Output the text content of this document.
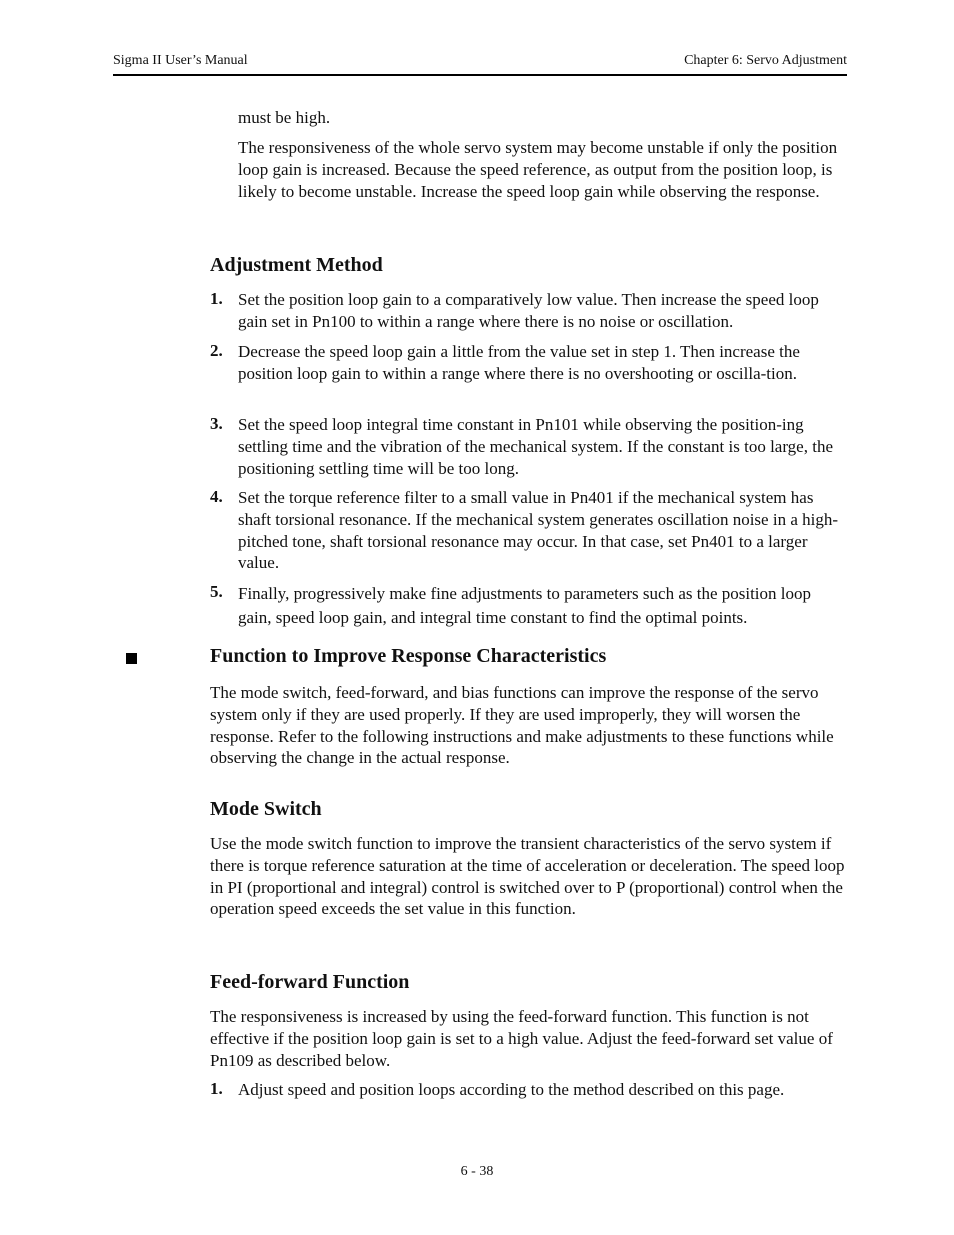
Sigma II User’s Manual	Chapter 6: Servo Adjustment

must be high.

The responsiveness of the whole servo system may become unstable if only the position loop gain is increased. Because the speed reference, as output from the position loop, is likely to become unstable. Increase the speed loop gain while observing the response.

Adjustment Method
1. Set the position loop gain to a comparatively low value. Then increase the speed loop gain set in Pn100 to within a range where there is no noise or oscillation.

2. Decrease the speed loop gain a little from the value set in step 1. Then increase the position loop gain to within a range where there is no overshooting or oscilla-tion.

3. Set the speed loop integral time constant in Pn101 while observing the position-ing settling time and the vibration of the mechanical system. If the constant is too large, the positioning settling time will be too long.

4. Set the torque reference filter to a small value in Pn401 if the mechanical system has shaft torsional resonance. If the mechanical system generates oscillation noise in a high-pitched tone, shaft torsional resonance may occur. In that case, set Pn401 to a larger value.

5. Finally, progressively make fine adjustments to parameters such as the position loop gain, speed loop gain, and integral time constant to find the optimal points.

Function to Improve Response Characteristics

The mode switch, feed-forward, and bias functions can improve the response of the servo system only if they are used properly. If they are used improperly, they will worsen the response. Refer to the following instructions and make adjustments to these functions while observing the change in the actual response.

Mode Switch

Use the mode switch function to improve the transient characteristics of the servo system if there is torque reference saturation at the time of acceleration or deceleration. The speed loop in PI (proportional and integral) control is switched over to P (proportional) control when the operation speed exceeds the set value in this function.

Feed-forward Function

The responsiveness is increased by using the feed-forward function. This function is not effective if the position loop gain is set to a high value. Adjust the feed-forward set value of Pn109 as described below.

1. Adjust speed and position loops according to the method described on this page.

6 - 38
